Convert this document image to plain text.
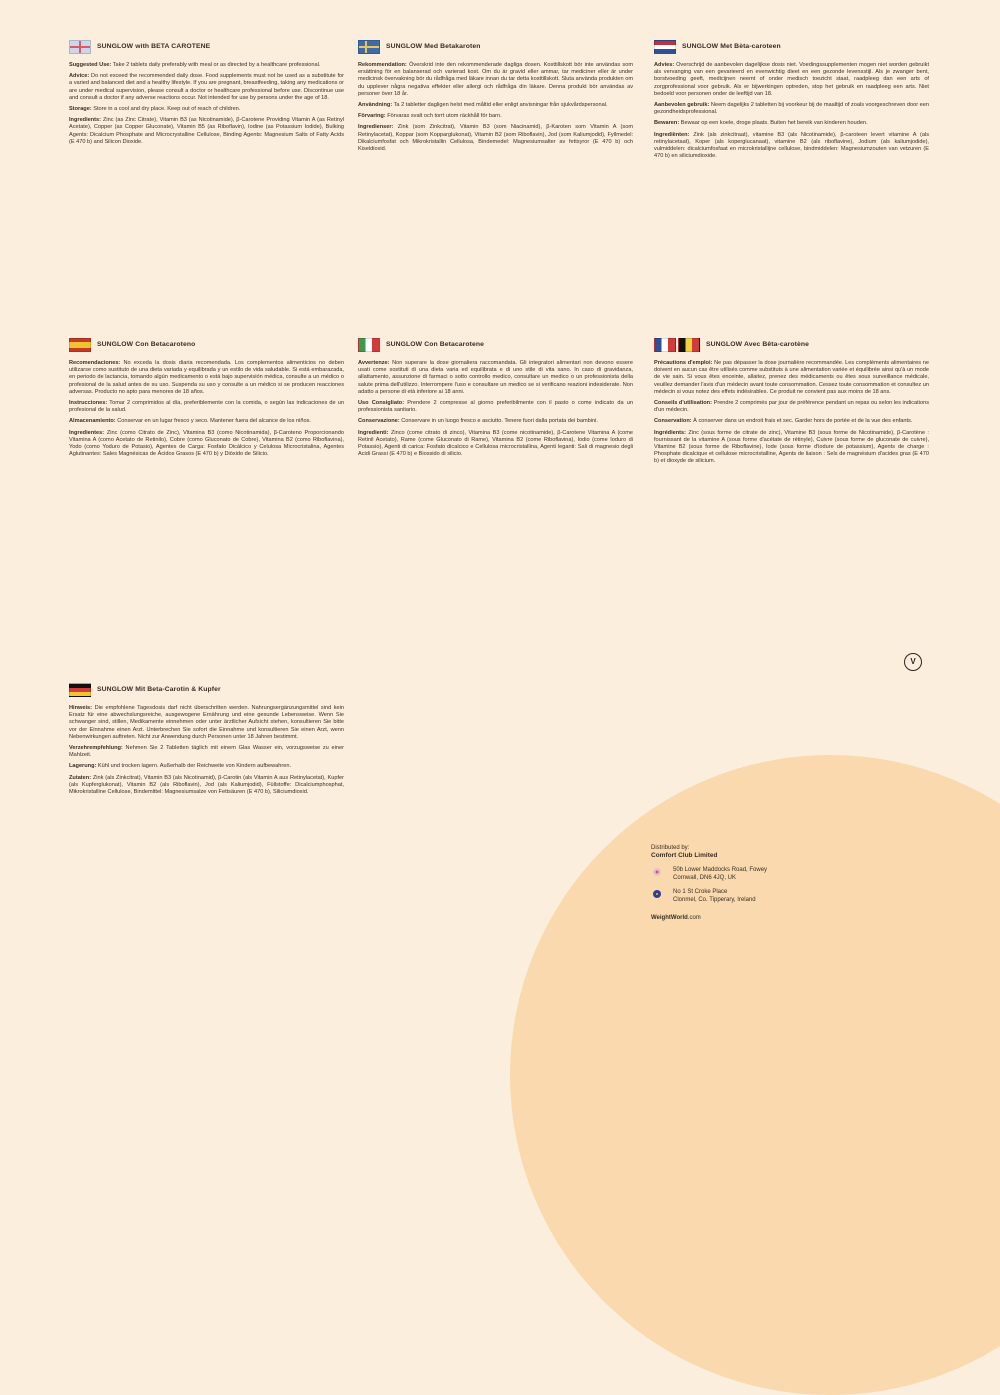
SUNGLOW with BETA CAROTENE

Suggested Use: Take 2 tablets daily preferably with meal or as directed by a healthcare professional.

Advice: Do not exceed the recommended daily dose. Food supplements must not be used as a substitute for a varied and balanced diet and a healthy lifestyle. If you are pregnant, breastfeeding, taking any medications or are under medical supervision, please consult a doctor or healthcare professional before use. Discontinue use and consult a doctor if any adverse reactions occur. Not intended for use by persons under the age of 18.

Storage: Store in a cool and dry place. Keep out of reach of children.

Ingredients: Zinc (as Zinc Citrate), Vitamin B3 (as Nicotinamide), β-Carotene Providing Vitamin A (as Retinyl Acetate), Copper (as Copper Gluconate), Vitamin B5 (as Riboflavin), Iodine (as Potassium Iodide), Bulking Agents: Dicalcium Phosphate and Microcrystalline Cellulose, Binding Agents: Magnesium Salts of Fatty Acids (E 470 b) and Silicon Dioxide.

SUNGLOW Med Betakaroten

Rekommendation: Överskrid inte den rekommenderade dagliga dosen. Kosttillskott bör inte användas som ersättning för en balanserad och varierad kost. Om du är gravid eller ammar, tar mediciner eller är under medicinsk övervakning bör du rådfråga med läkare innan du tar detta kosttillskott. Sluta använda produkten om du upplever några negativa effekter eller allergi och rådfråga din läkare. Denna produkt bör användas av personer över 18 år.

Användning: Ta 2 tabletter dagligen helst med måltid eller enligt anvisningar från sjukvårdspersonal.

Förvaring: Förvaras svalt och torrt utom räckhåll för barn.

Ingredienser: Zink (som Zinkcitrat), Vitamin B3 (som Niacinamid), β-Karoten som Vitamin A (som Retinylacetat), Koppar (som Kopparglukonat), Vitamin B2 (som Riboflavin), Jod (som Kaliumjodid), Fyllmedel: Dikalciumfosfat och Mikrokristallin Cellulosa, Bindemedel: Magnesiumsalter av fettsyror (E 470 b) och Kiseldioxid.

SUNGLOW Met Bèta-caroteen

Advies: Overschrijd de aanbevolen dagelijkse dosis niet. Voedingssupplementen mogen niet worden gebruikt als vervanging van een gevarieerd en evenwichtig dieet en een gezonde levensstijl. Als je zwanger bent, borstvoeding geeft, medicijnen neemt of onder medisch toezicht staat, raadpleeg dan een arts of zorgprofessional voor gebruik. Als er bijwerkingen optreden, stop het gebruik en raadpleeg een arts. Niet bedoeld voor personen onder de leeftijd van 18.

Aanbevolen gebruik: Neem dagelijks 2 tabletten bij voorkeur bij de maaltijd of zoals voorgeschreven door een gezondheidsprofessional.

Bewaren: Bewaar op een koele, droge plaats. Buiten het bereik van kinderen houden.

Ingrediënten: Zink (als zinkcitraat), vitamine B3 (als Nicotinamide), β-caroteen levert vitamine A (als retinylacetaat), Koper (als koperglucanaat), vitamine B2 (als riboflavine), Jodium (als kaliumjodide), vulmiddelen: dicalciumfosfaat en microkristallijne cellulose, bindmiddelen: Magnesiumzouten van vetzuren (E 470 b) en siliciumdioxide.

SUNGLOW Con Betacaroteno

Recomendaciones: No exceda la dosis diaria recomendada. Los complementos alimenticios no deben utilizarse como sustituto de una dieta variada y equilibrada y un estilo de vida saludable. Si está embarazada, en periodo de lactancia, tomando algún medicamento o está bajo supervisión médica, consulte a un médico o profesional de la salud antes de su uso. Suspenda su uso y consulte a un médico si se producen reacciones adversas. Producto no apto para menores de 18 años.

Instrucciones: Tomar 2 comprimidos al día, preferiblemente con la comida, o según las indicaciones de un profesional de la salud.

Almacenamiento: Conservar en un lugar fresco y seco. Mantener fuera del alcance de los niños.

Ingredientes: Zinc (como Citrato de Zinc), Vitamina B3 (como Nicotinamida), β-Caroteno Proporcionando Vitamina A (como Acetato de Retinilo), Cobre (como Gluconato de Cobre), Vitamina B2 (como Riboflavina), Yodo (como Yoduro de Potasio), Agentes de Carga: Fosfato Dicálcico y Celulosa Microcristalina, Agentes Aglutinantes: Sales Magnésicas de Ácidos Grasos (E 470 b) y Dióxido de Silicio.

SUNGLOW Con Betacarotene

Avvertenze: Non superare la dose giornaliera raccomandata. Gli integratori alimentari non devono essere usati come sostituti di una dieta varia ed equilibrata e di uno stile di vita sano. In caso di gravidanza, allattamento, assunzione di farmaci o sotto controllo medico, consultare un medico o un professionista della salute prima dell'utilizzo. Interrompere l'uso e consultare un medico se si verificano reazioni indesiderate. Non adatto a persone di età inferiore ai 18 anni.

Uso Consigliato: Prendere 2 compresse al giorno preferibilmente con il pasto o come indicato da un professionista sanitario.

Conservazione: Conservare in un luogo fresco e asciutto. Tenere fuori dalla portata dei bambini.

Ingredienti: Zinco (come citrato di zinco), Vitamina B3 (come nicotinamide), β-Carotene Vitamina A (come Retinil Acetato), Rame (come Gluconato di Rame), Vitamina B2 (come Riboflavina), Iodio (come Ioduro di Potassio), Agenti di carica: Fosfato dicalcico e Cellulosa microcristallina, Agenti leganti: Sali di magnesio degli Acidi Grassi (E 470 b) e Biossido di silicio.

SUNGLOW Avec Bêta-carotène

Précautions d'emploi: Ne pas dépasser la dose journalière recommandée. Les compléments alimentaires ne doivent en aucun cas être utilisés comme substituts à une alimentation variée et équilibrée ainsi qu'à un mode de vie sain. Si vous êtes enceinte, allaitez, prenez des médicaments ou êtes sous surveillance médicale, veuillez demander l'avis d'un médecin avant toute consommation. Cessez toute consommation et consultez un médecin si vous notez des effets indésirables. Ce produit ne convient pas aux moins de 18 ans.

Conseils d'utilisation: Prendre 2 comprimés par jour de préférence pendant un repas ou selon les indications d'un médecin.

Conservation: À conserver dans un endroit frais et sec. Garder hors de portée et de la vue des enfants.

Ingrédients: Zinc (sous forme de citrate de zinc), Vitamine B3 (sous forme de Nicotinamide), β-Carotène : fournissant de la vitamine A (sous forme d'acétate de rétinyle), Cuivre (sous forme de gluconate de cuivre), Vitamine B2 (sous forme de Riboflavine), Iode (sous forme d'iodure de potassium), Agents de charge : Phosphate dicalcique et cellulose microcristalline, Agents de liaison : Sels de magnésium d'acides gras (E 470 b) et dioxyde de silicium.

SUNGLOW Mit Beta-Carotin & Kupfer

Hinweis: Die empfohlene Tagesdosis darf nicht überschritten werden. Nahrungsergänzungsmittel sind kein Ersatz für eine abwechslungsreiche, ausgewogene Ernährung und eine gesunde Lebensweise. Wenn Sie schwanger sind, stillen, Medikamente einnehmen oder unter ärztlicher Aufsicht stehen, konsultieren Sie bitte vor der Einnahme einen Arzt. Unterbrechen Sie sofort die Einnahme und konsultieren Sie einen Arzt, wenn Nebenwirkungen auftreten. Nicht zur Anwendung durch Personen unter 18 Jahren bestimmt.

Verzehrempfehlung: Nehmen Sie 2 Tabletten täglich mit einem Glas Wasser ein, vorzugsweise zu einer Mahlzeit.

Lagerung: Kühl und trocken lagern. Außerhalb der Reichweite von Kindern aufbewahren.

Zutaten: Zink (als Zinkcitrat), Vitamin B3 (als Nicotinamid), β-Carotin (als Vitamin A aus Retinylacetat), Kupfer (als Kupferglukonat), Vitamin B2 (als Riboflavin), Jod (als Kaliumjodid), Füllstoffe: Dicalciumphosphat, Mikrokristalline Cellulose, Bindemittel: Magnesiumsalze von Fettsäuren (E 470 b), Siliciumdioxid.

V
Distributed by:
Comfort Club Limited
50b Lower Maddocks Road, Fowey
Cornwall, DN6 4JQ, UK
No 1 St Croke Place
Clonmel, Co. Tipperary, Ireland
WeightWorld.com
